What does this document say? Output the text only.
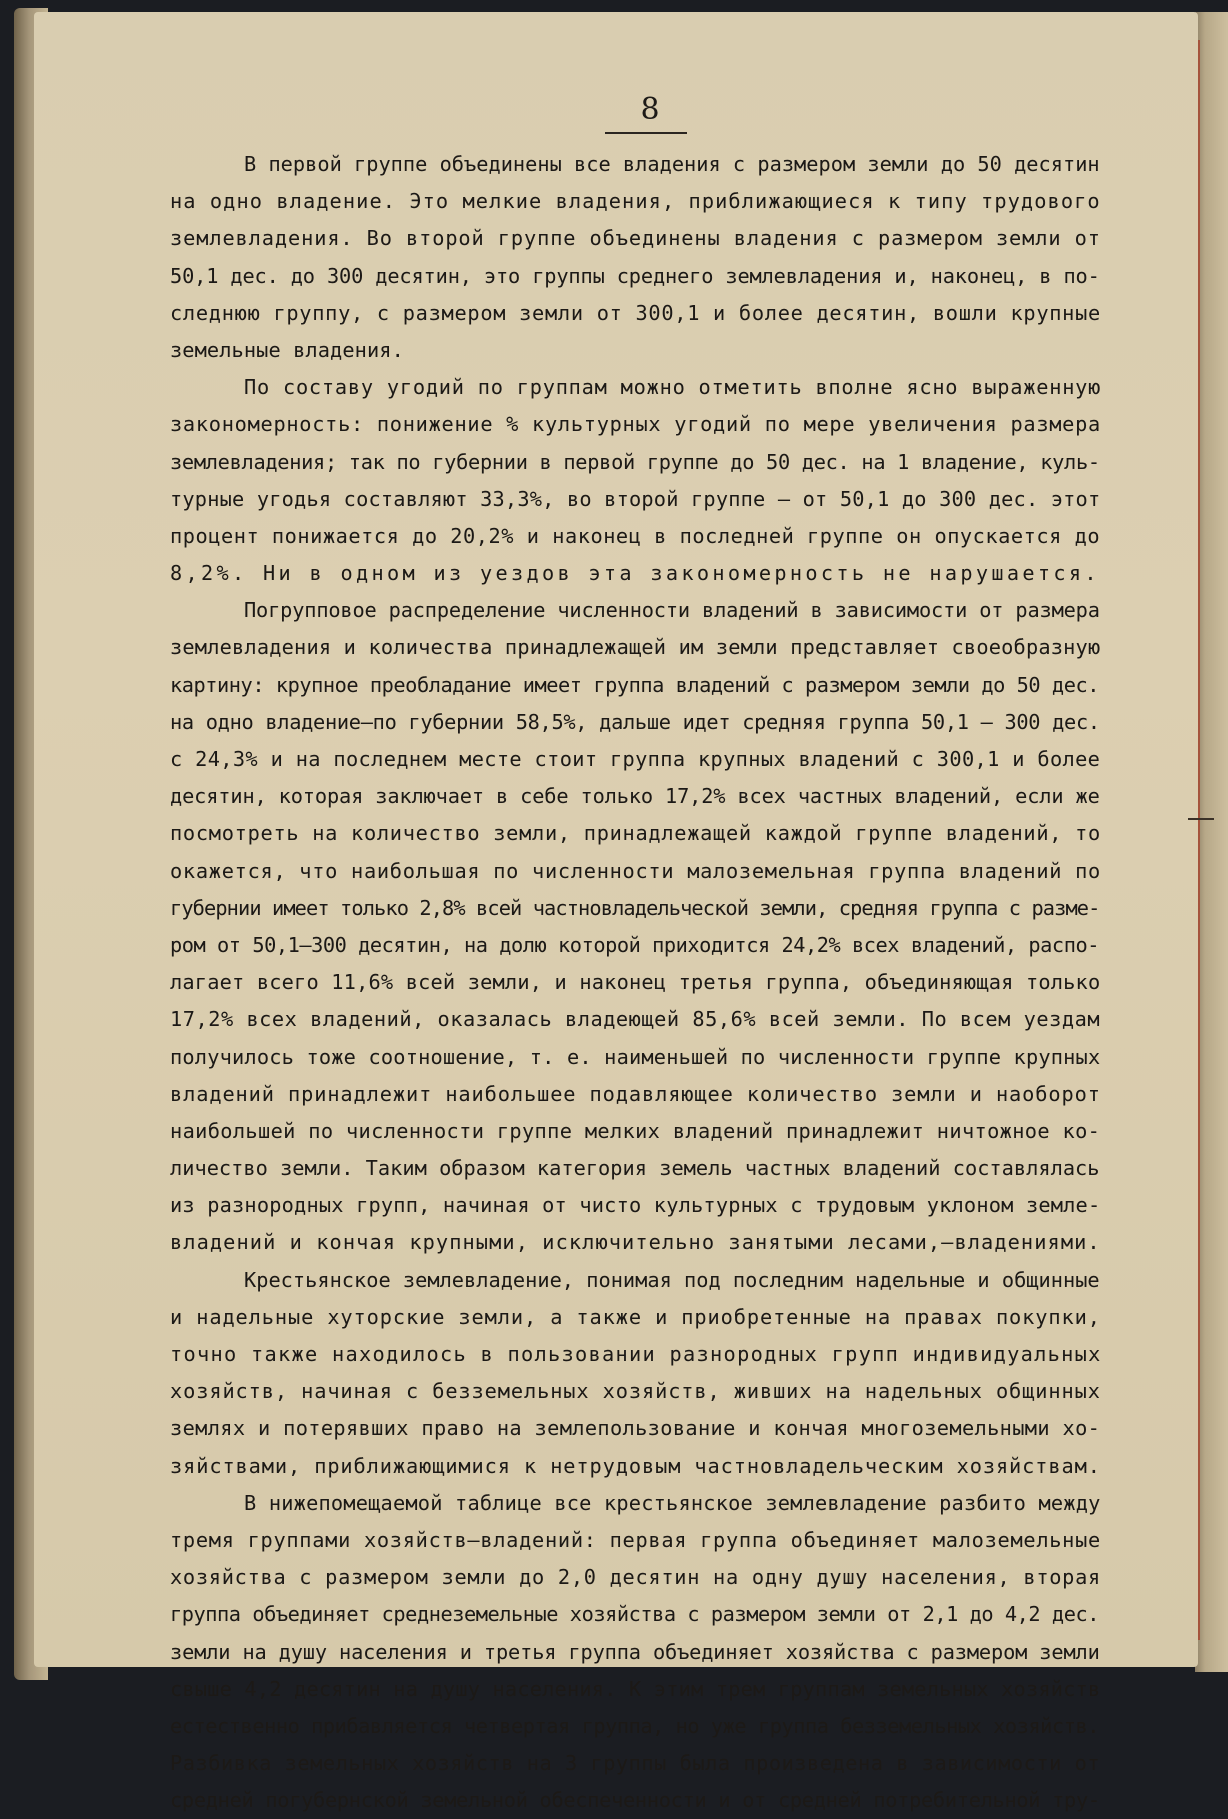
8
В первой группе объединены все владения с размером земли до 50 десятин
на одно владение. Это мелкие владения, приближающиеся к типу трудового
землевладения. Во второй группе объединены владения с размером земли от
50,1 дес. до 300 десятин, это группы среднего землевладения и, наконец, в по-
следнюю группу, с размером земли от 300,1 и более десятин, вошли крупные
земельные владения.
По составу угодий по группам можно отметить вполне ясно выраженную
закономерность: понижение % культурных угодий по мере увеличения размера
землевладения; так по губернии в первой группе до 50 дес. на 1 владение, куль-
турные угодья составляют 33,3%, во второй группе – от 50,1 до 300 дес. этот
процент понижается до 20,2% и наконец в последней группе он опускается до
8,2%. Ни в одном из уездов эта закономерность не нарушается.
Погрупповое распределение численности владений в зависимости от размера
землевладения и количества принадлежащей им земли представляет своеобразную
картину: крупное преобладание имеет группа владений с размером земли до 50 дес.
на одно владение—по губернии 58,5%, дальше идет средняя группа 50,1 — 300 дес.
с 24,3% и на последнем месте стоит группа крупных владений с 300,1 и более
десятин, которая заключает в себе только 17,2% всех частных владений, если же
посмотреть на количество земли, принадлежащей каждой группе владений, то
окажется, что наибольшая по численности малоземельная группа владений по
губернии имеет только 2,8% всей частновладельческой земли, средняя группа с разме-
ром от 50,1—300 десятин, на долю которой приходится 24,2% всех владений, распо-
лагает всего 11,6% всей земли, и наконец третья группа, объединяющая только
17,2% всех владений, оказалась владеющей 85,6% всей земли. По всем уездам
получилось тоже соотношение, т. е. наименьшей по численности группе крупных
владений принадлежит наибольшее подавляющее количество земли и наоборот
наибольшей по численности группе мелких владений принадлежит ничтожное ко-
личество земли. Таким образом категория земель частных владений составлялась
из разнородных групп, начиная от чисто культурных с трудовым уклоном земле-
владений и кончая крупными, исключительно занятыми лесами,—владениями.
Крестьянское землевладение, понимая под последним надельные и общинные
и надельные хуторские земли, а также и приобретенные на правах покупки,
точно также находилось в пользовании разнородных групп индивидуальных
хозяйств, начиная с безземельных хозяйств, живших на надельных общинных
землях и потерявших право на землепользование и кончая многоземельными хо-
зяйствами, приближающимися к нетрудовым частновладельческим хозяйствам.
В нижепомещаемой таблице все крестьянское землевладение разбито между
тремя группами хозяйств—владений: первая группа объединяет малоземельные
хозяйства с размером земли до 2,0 десятин на одну душу населения, вторая
группа объединяет среднеземельные хозяйства с размером земли от 2,1 до 4,2 дес.
земли на душу населения и третья группа объединяет хозяйства с размером земли
свыше 4,2 десятин на душу населения. К этим трем группам земельных хозяйств
естественно прибавляется четвертая группа, но уже группа безземельных хозяйств.
Разбивка земельных хозяйств на 3 группы была произведена в зависимости от
средней погубернской земельной обеспеченности и от средней потребительной тру-
